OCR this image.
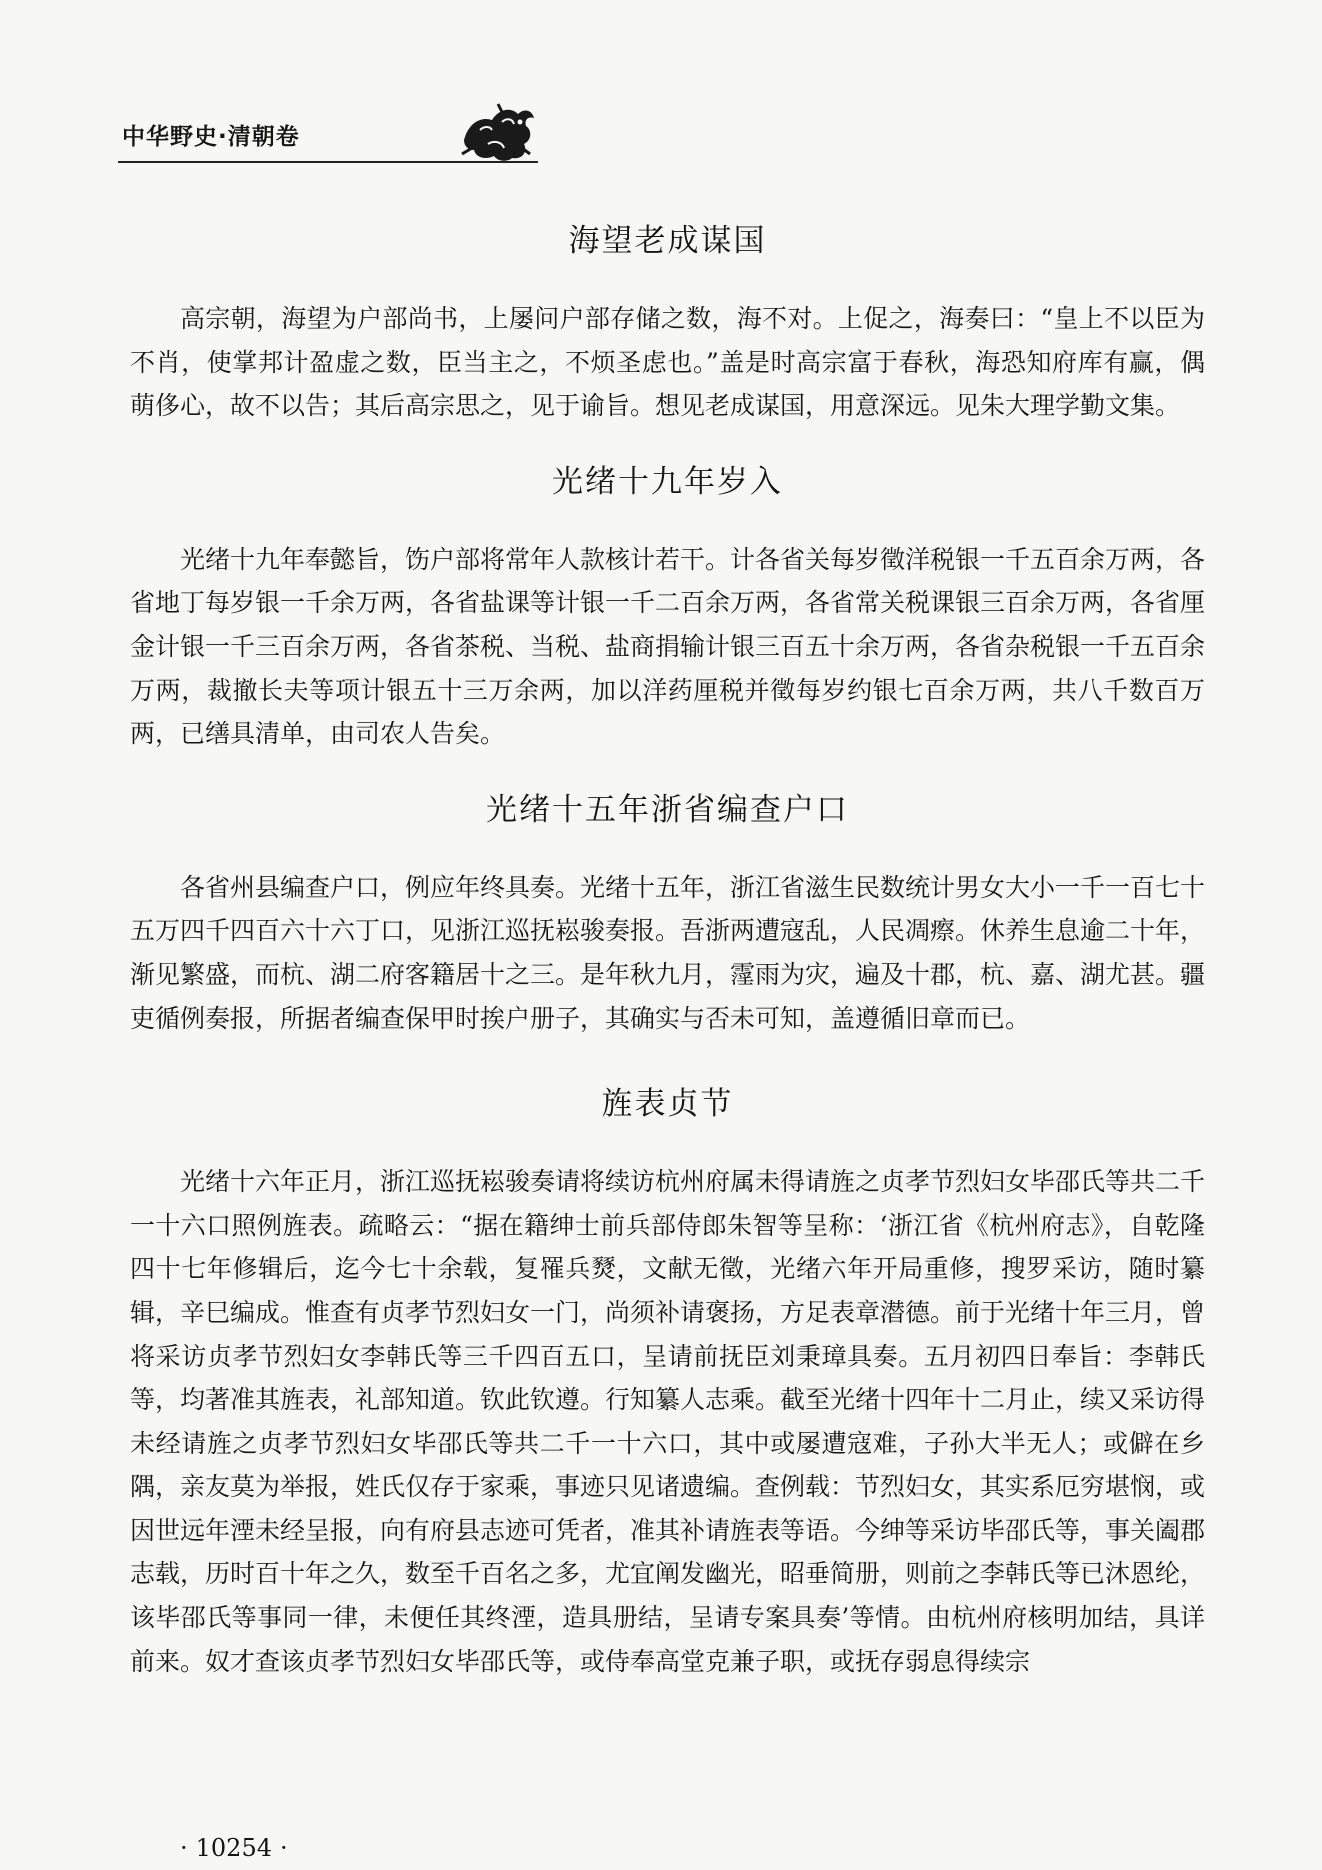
中华野史·清朝卷
海望老成谋国

高宗朝，海望为户部尚书，上屡问户部存储之数，海不对。上促之，海奏曰：“皇上不以臣为不肖，使掌邦计盈虚之数，臣当主之，不烦圣虑也。”盖是时高宗富于春秋，海恐知府库有赢，偶萌侈心，故不以告；其后高宗思之，见于谕旨。想见老成谋国，用意深远。见朱大理学勤文集。

光绪十九年岁入

光绪十九年奉懿旨，饬户部将常年人款核计若干。计各省关每岁徵洋税银一千五百余万两，各省地丁每岁银一千余万两，各省盐课等计银一千二百余万两，各省常关税课银三百余万两，各省厘金计银一千三百余万两，各省茶税、当税、盐商捐输计银三百五十余万两，各省杂税银一千五百余万两，裁撤长夫等项计银五十三万余两，加以洋药厘税并徵每岁约银七百余万两，共八千数百万两，已缮具清单，由司农人告矣。

光绪十五年浙省编查户口

各省州县编查户口，例应年终具奏。光绪十五年，浙江省滋生民数统计男女大小一千一百七十五万四千四百六十六丁口，见浙江巡抚崧骏奏报。吾浙两遭寇乱，人民凋瘵。休养生息逾二十年，渐见繁盛，而杭、湖二府客籍居十之三。是年秋九月，霪雨为灾，遍及十郡，杭、嘉、湖尤甚。疆吏循例奏报，所据者编查保甲时挨户册子，其确实与否未可知，盖遵循旧章而已。

旌表贞节

光绪十六年正月，浙江巡抚崧骏奏请将续访杭州府属未得请旌之贞孝节烈妇女毕邵氏等共二千一十六口照例旌表。疏略云：“据在籍绅士前兵部侍郎朱智等呈称：‘浙江省《杭州府志》，自乾隆四十七年修辑后，迄今七十余载，复罹兵燹，文献无徵，光绪六年开局重修，搜罗采访，随时纂辑，辛巳编成。惟查有贞孝节烈妇女一门，尚须补请褒扬，方足表章潜德。前于光绪十年三月，曾将采访贞孝节烈妇女李韩氏等三千四百五口，呈请前抚臣刘秉璋具奏。五月初四日奉旨：李韩氏等，均著准其旌表，礼部知道。钦此钦遵。行知纂人志乘。截至光绪十四年十二月止，续又采访得未经请旌之贞孝节烈妇女毕邵氏等共二千一十六口，其中或屡遭寇难，子孙大半无人；或僻在乡隅，亲友莫为举报，姓氏仅存于家乘，事迹只见诸遗编。查例载：节烈妇女，其实系厄穷堪悯，或因世远年湮未经呈报，向有府县志迹可凭者，准其补请旌表等语。今绅等采访毕邵氏等，事关阖郡志载，历时百十年之久，数至千百名之多，尤宜阐发幽光，昭垂简册，则前之李韩氏等已沐恩纶，该毕邵氏等事同一律，未便任其终湮，造具册结，呈请专案具奏’等情。由杭州府核明加结，具详前来。奴才查该贞孝节烈妇女毕邵氏等，或侍奉高堂克兼子职，或抚存弱息得续宗

· 10254 ·
